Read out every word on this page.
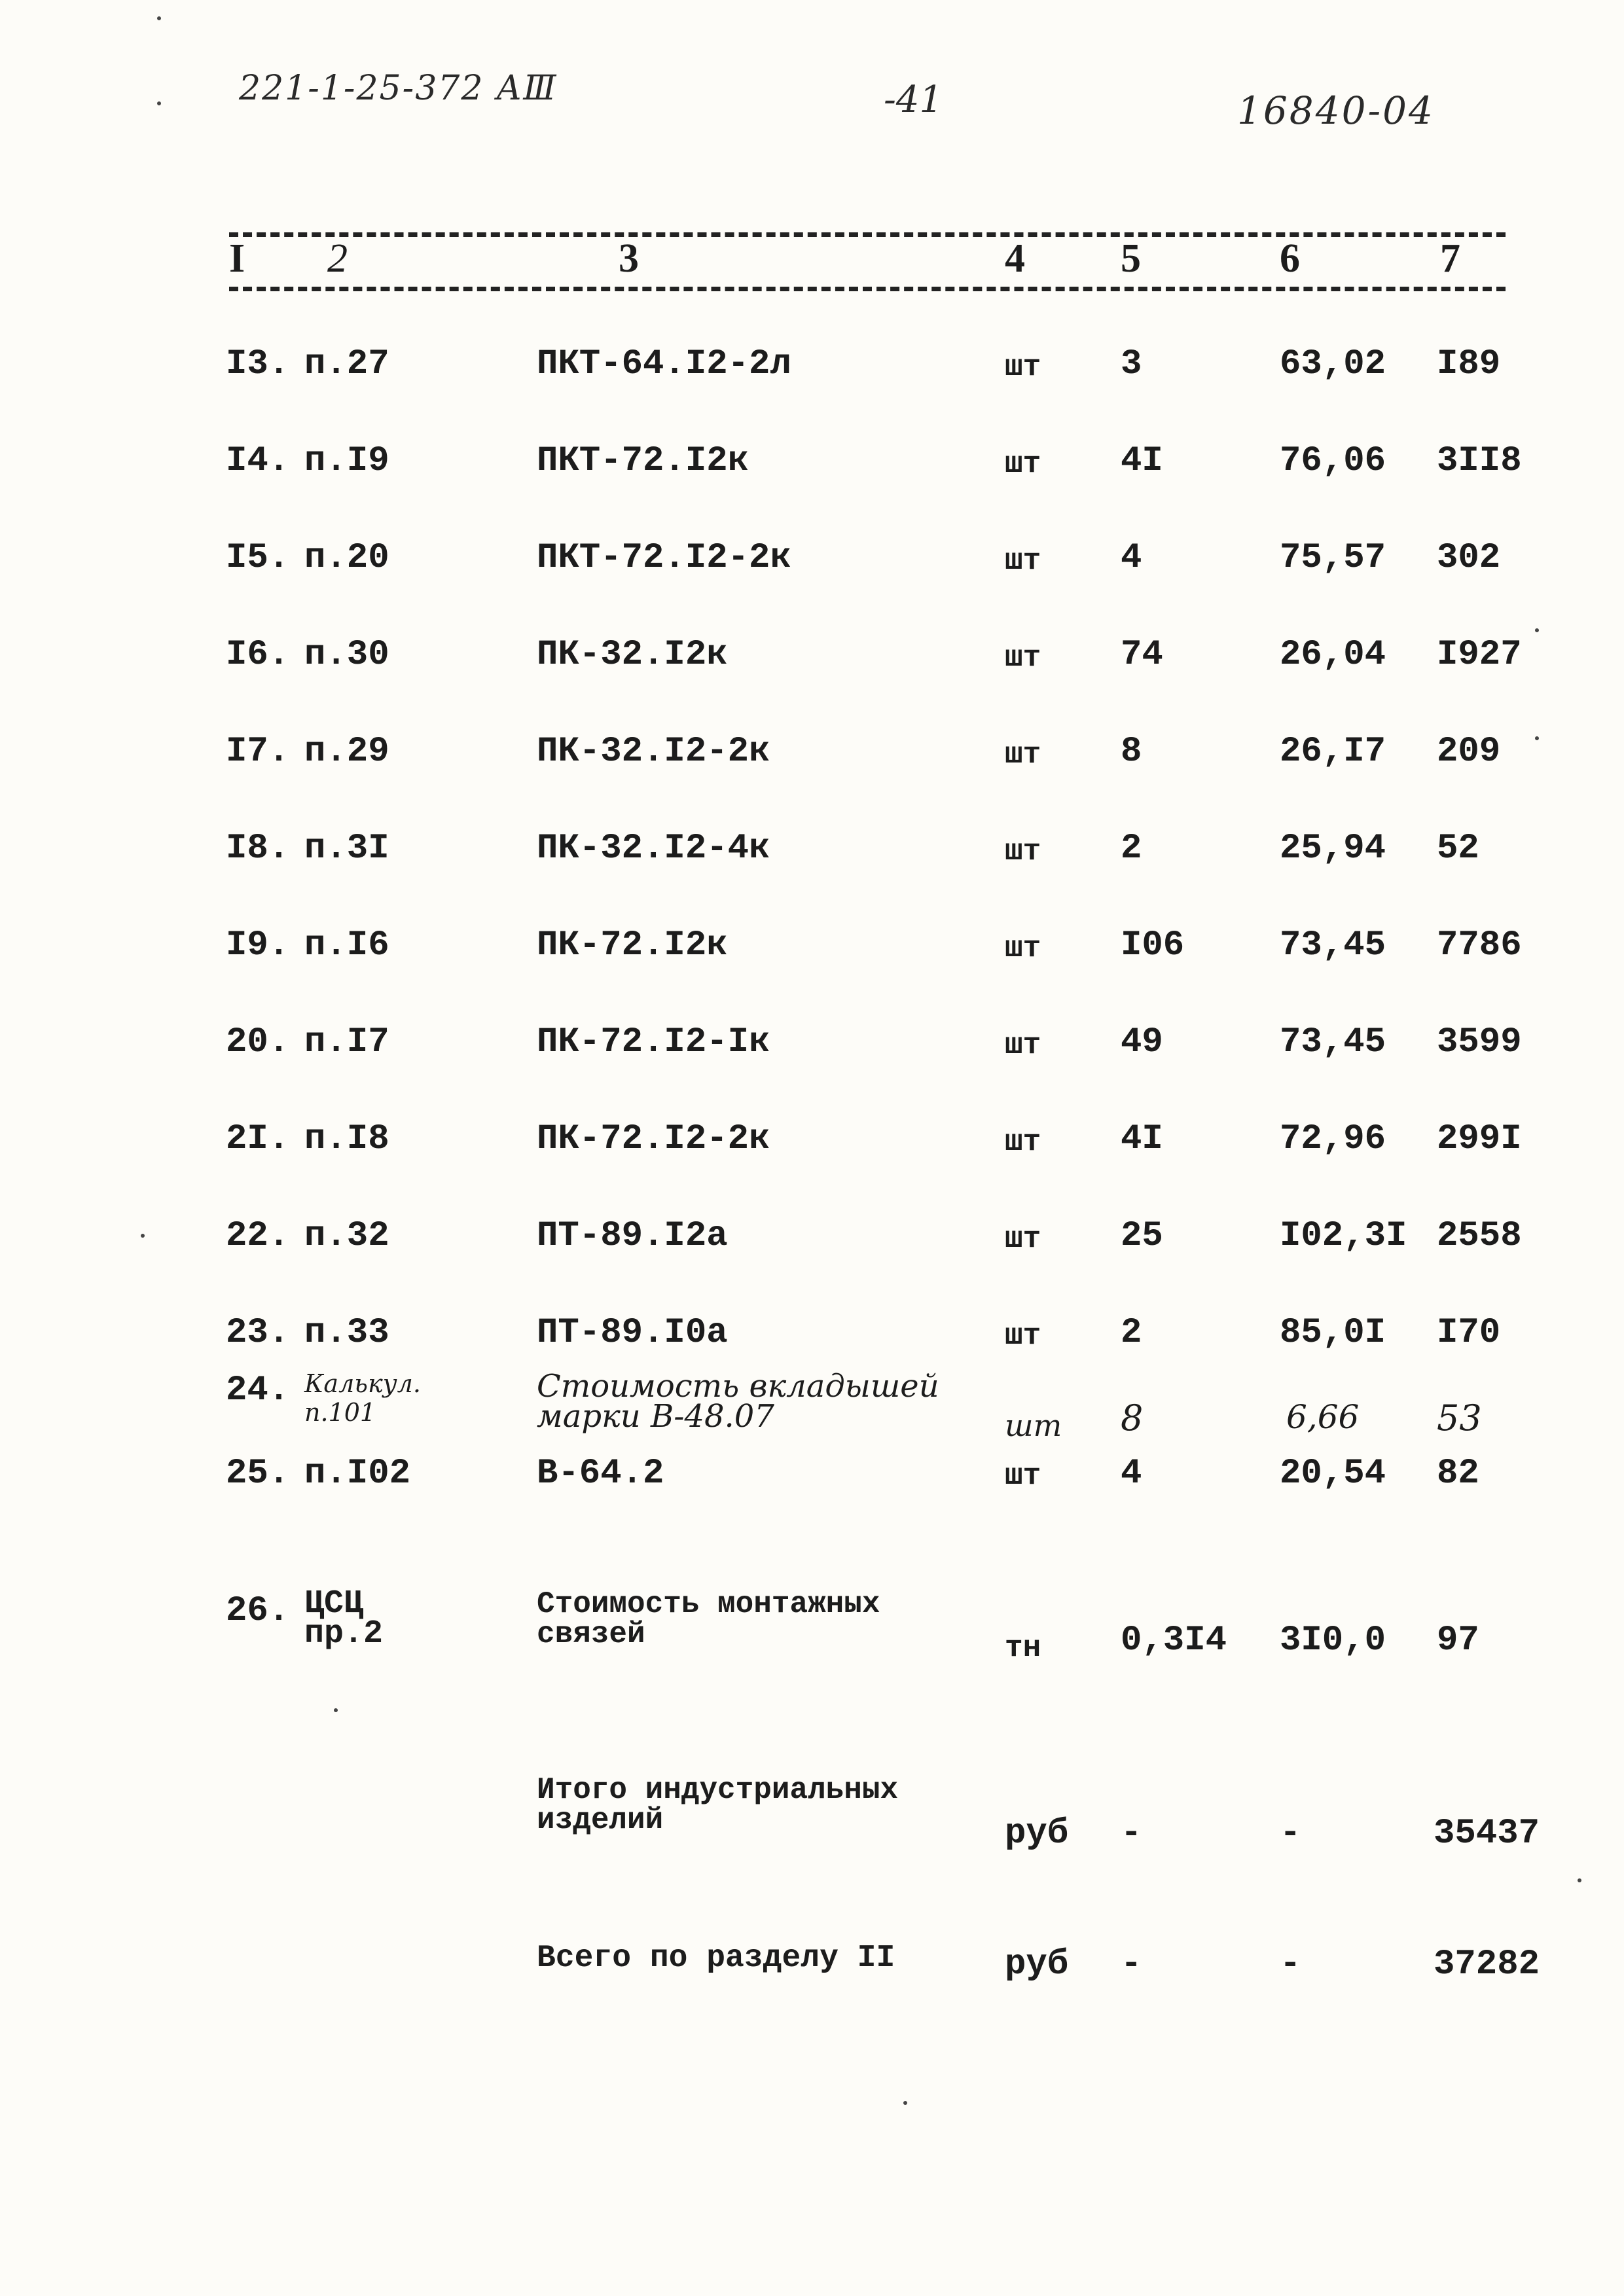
221-1-25-372 АⅢ	-41	16840-04
I 2	3	4 5	6	7
I3. п.27	ПКТ-64.I2-2л	шт 3	63,02 I89
I4. п.I9	ПКТ-72.I2к	шт 4I	76,06 3II8
I5. п.20	ПКТ-72.I2-2к	шт 4	75,57 302
I6. п.30	ПК-32.I2к	шт 74	26,04 I927
I7. п.29	ПК-32.I2-2к	шт 8	26,I7 209
I8. п.3I	ПК-32.I2-4к	шт 2	25,94 52
I9. п.I6	ПК-72.I2к	шт I06	73,45 7786
20. п.I7	ПК-72.I2-Iк	шт 49	73,45 3599
2I. п.I8	ПК-72.I2-2к	шт 4I	72,96 299I
22. п.32	ПТ-89.I2а	шт 25	I02,3I 2558
23. п.33	ПТ-89.I0а	шт 2	85,0I I70
24. Калькул.
п.101
Стоимость вкладышей
марки В-48.07	шт 8	6,66 53
25. п.I02	В-64.2	шт 4	20,54 82
26. ЦСЦ
пр.2
Стоимость монтажных
связей	тн 0,3I4 3I0,0 97
Итого индустриальных
изделий	руб -	-	35437
Всего по разделу II	руб -	-	37282
